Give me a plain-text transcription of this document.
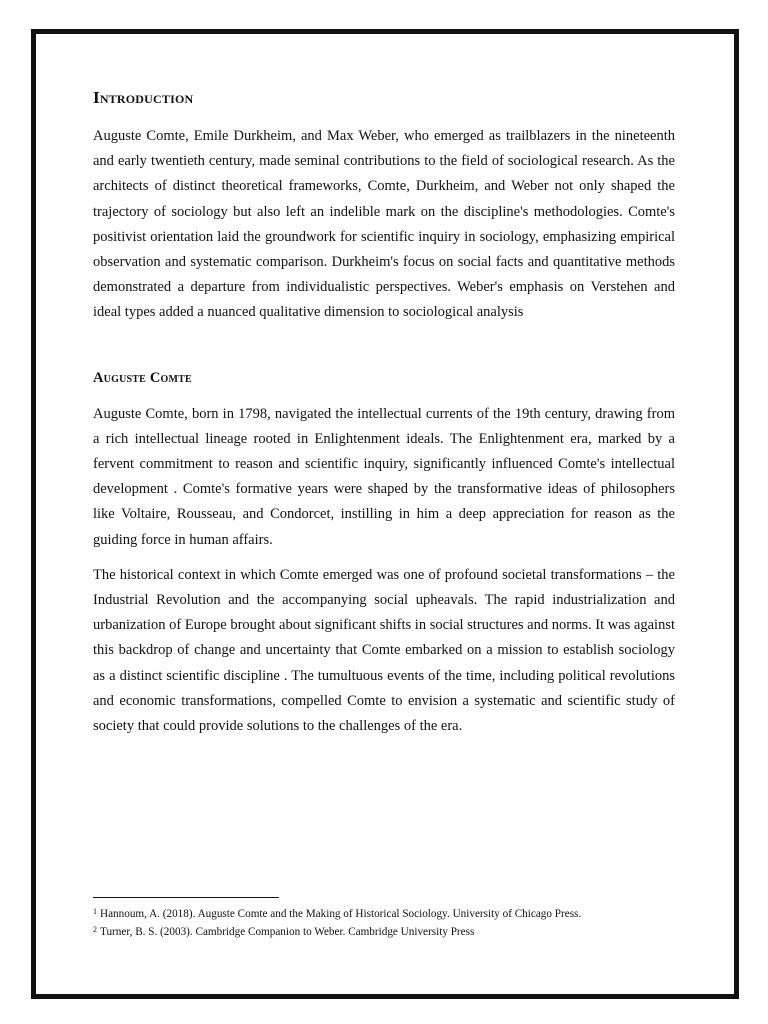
Introduction

Auguste Comte, Emile Durkheim, and Max Weber, who emerged as trailblazers in the nineteenth and early twentieth century, made seminal contributions to the field of sociological research. As the architects of distinct theoretical frameworks, Comte, Durkheim, and Weber not only shaped the trajectory of sociology but also left an indelible mark on the discipline's methodologies. Comte's positivist orientation laid the groundwork for scientific inquiry in sociology, emphasizing empirical observation and systematic comparison. Durkheim's focus on social facts and quantitative methods demonstrated a departure from individualistic perspectives. Weber's emphasis on Verstehen and ideal types added a nuanced qualitative dimension to sociological analysis

Auguste Comte

Auguste Comte, born in 1798, navigated the intellectual currents of the 19th century, drawing from a rich intellectual lineage rooted in Enlightenment ideals. The Enlightenment era, marked by a fervent commitment to reason and scientific inquiry, significantly influenced Comte's intellectual development . Comte's formative years were shaped by the transformative ideas of philosophers like Voltaire, Rousseau, and Condorcet, instilling in him a deep appreciation for reason as the guiding force in human affairs.

The historical context in which Comte emerged was one of profound societal transformations – the Industrial Revolution and the accompanying social upheavals. The rapid industrialization and urbanization of Europe brought about significant shifts in social structures and norms. It was against this backdrop of change and uncertainty that Comte embarked on a mission to establish sociology as a distinct scientific discipline . The tumultuous events of the time, including political revolutions and economic transformations, compelled Comte to envision a systematic and scientific study of society that could provide solutions to the challenges of the era.

$^1$ Hannoum, A. (2018). Auguste Comte and the Making of Historical Sociology. University of Chicago Press.
$^2$ Turner, B. S. (2003). Cambridge Companion to Weber. Cambridge University Press
